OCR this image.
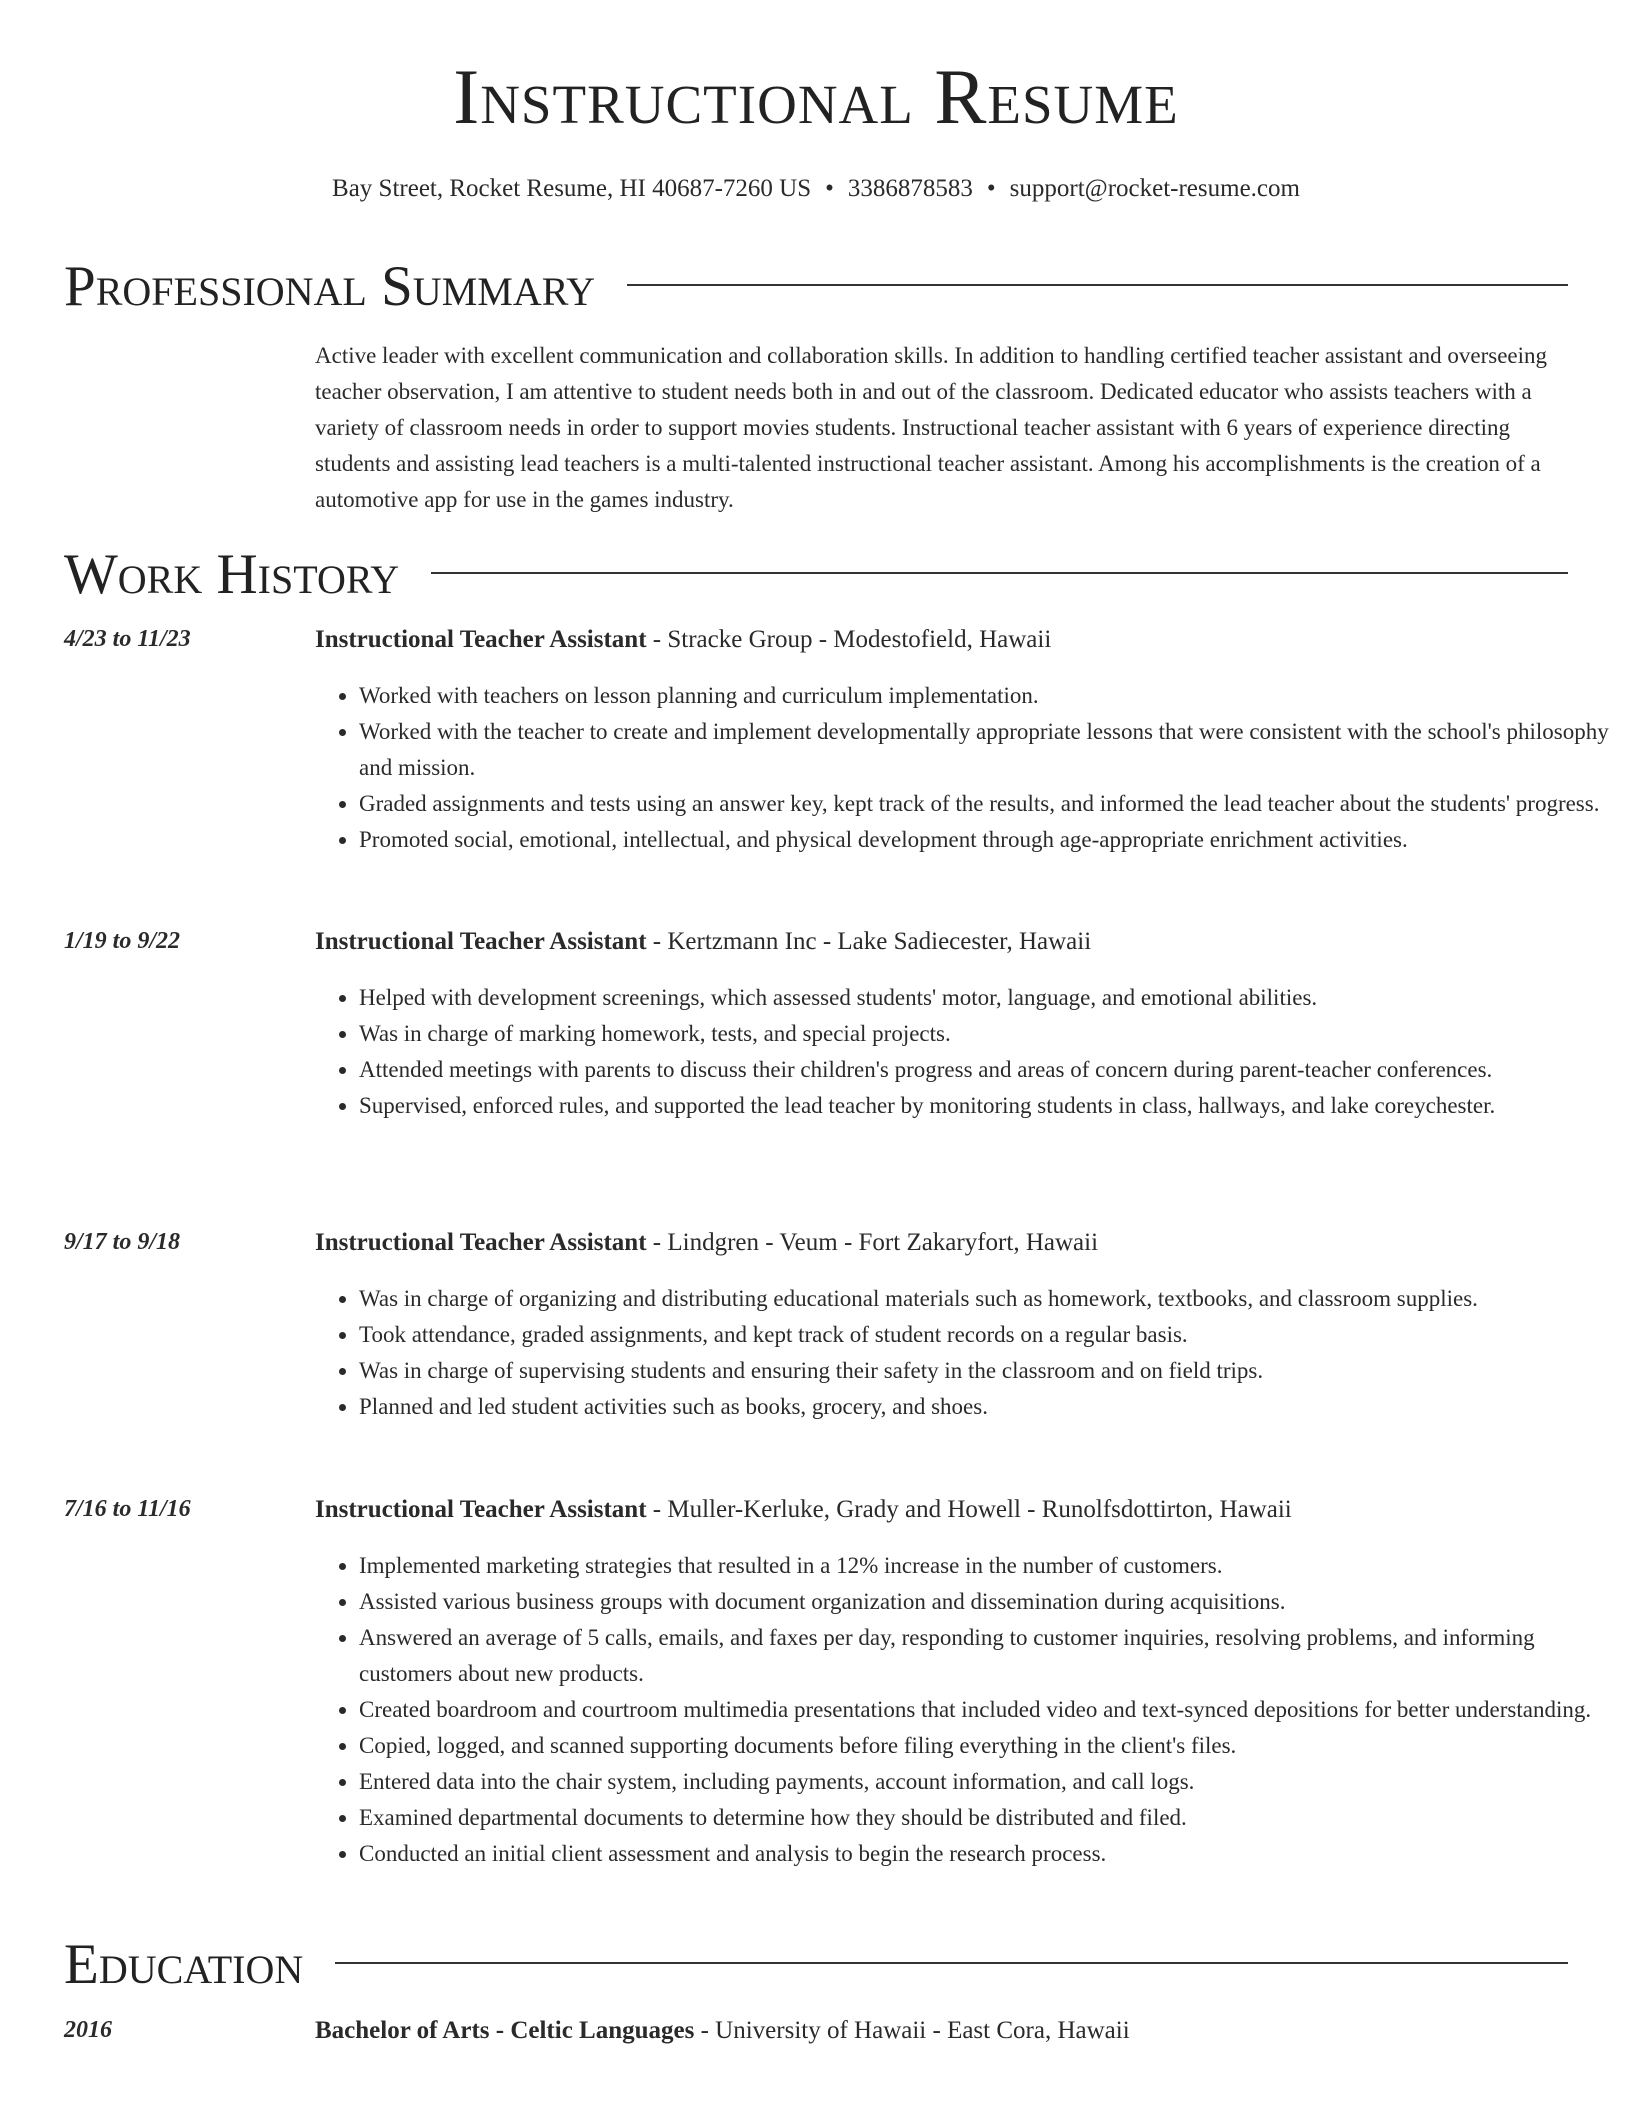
Instructional Resume
Bay Street, Rocket Resume, HI 40687-7260 US • 3386878583 • support@rocket-resume.com
Professional Summary

Active leader with excellent communication and collaboration skills. In addition to handling certified teacher assistant and overseeing teacher observation, I am attentive to student needs both in and out of the classroom. Dedicated educator who assists teachers with a variety of classroom needs in order to support movies students. Instructional teacher assistant with 6 years of experience directing students and assisting lead teachers is a multi-talented instructional teacher assistant. Among his accomplishments is the creation of a automotive app for use in the games industry.

Work History
4/23 to 11/23	Instructional Teacher Assistant - Stracke Group - Modestofield, Hawaii
• Worked with teachers on lesson planning and curriculum implementation.
• Worked with the teacher to create and implement developmentally appropriate lessons that were consistent with the school's philosophy and mission.
• Graded assignments and tests using an answer key, kept track of the results, and informed the lead teacher about the students' progress.
• Promoted social, emotional, intellectual, and physical development through age-appropriate enrichment activities.
1/19 to 9/22	Instructional Teacher Assistant - Kertzmann Inc - Lake Sadiecester, Hawaii
• Helped with development screenings, which assessed students' motor, language, and emotional abilities.
• Was in charge of marking homework, tests, and special projects.
• Attended meetings with parents to discuss their children's progress and areas of concern during parent-teacher conferences.
• Supervised, enforced rules, and supported the lead teacher by monitoring students in class, hallways, and lake coreychester.
9/17 to 9/18	Instructional Teacher Assistant - Lindgren - Veum - Fort Zakaryfort, Hawaii
• Was in charge of organizing and distributing educational materials such as homework, textbooks, and classroom supplies.
• Took attendance, graded assignments, and kept track of student records on a regular basis.
• Was in charge of supervising students and ensuring their safety in the classroom and on field trips.
• Planned and led student activities such as books, grocery, and shoes.
7/16 to 11/16	Instructional Teacher Assistant - Muller-Kerluke, Grady and Howell - Runolfsdottirton, Hawaii
• Implemented marketing strategies that resulted in a 12% increase in the number of customers.
• Assisted various business groups with document organization and dissemination during acquisitions.
• Answered an average of 5 calls, emails, and faxes per day, responding to customer inquiries, resolving problems, and informing customers about new products.
• Created boardroom and courtroom multimedia presentations that included video and text-synced depositions for better understanding.
• Copied, logged, and scanned supporting documents before filing everything in the client's files.
• Entered data into the chair system, including payments, account information, and call logs.
• Examined departmental documents to determine how they should be distributed and filed.
• Conducted an initial client assessment and analysis to begin the research process.
Education
2016	Bachelor of Arts - Celtic Languages - University of Hawaii - East Cora, Hawaii
